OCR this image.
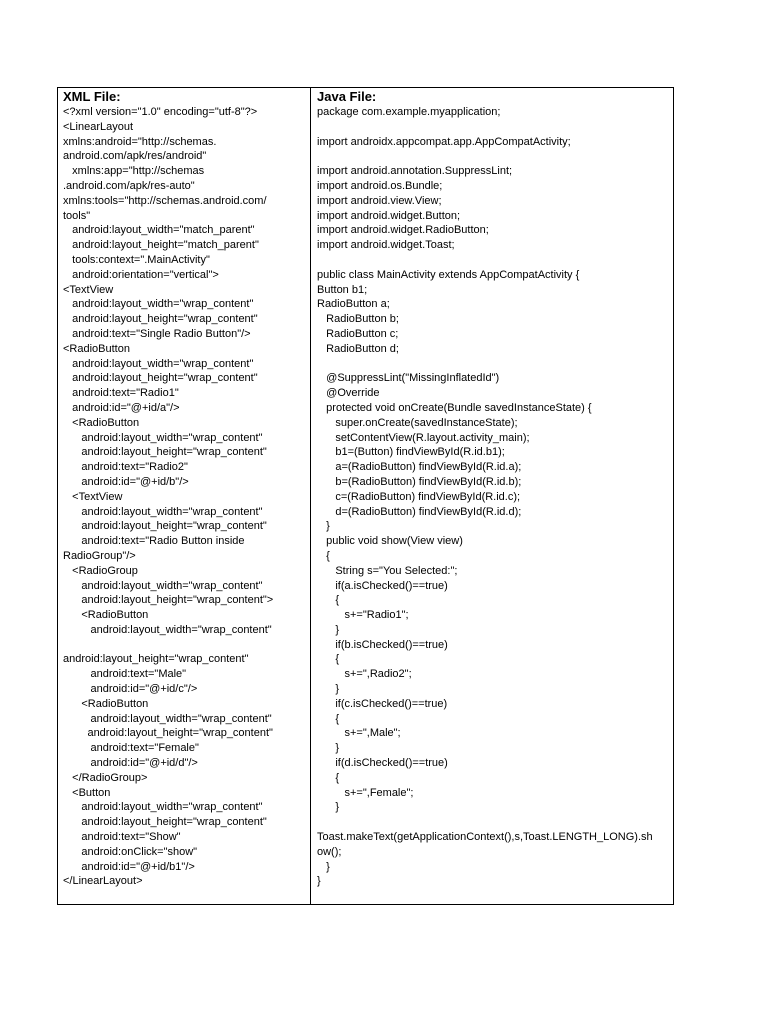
XML File:
<?xml version="1.0" encoding="utf-8"?>
<LinearLayout
xmlns:android="http://schemas.
android.com/apk/res/android"
xmlns:app="http://schemas
.android.com/apk/res-auto"
xmlns:tools="http://schemas.android.com/
tools"
android:layout_width="match_parent"
android:layout_height="match_parent"
tools:context=".MainActivity"
android:orientation="vertical">
<TextView
android:layout_width="wrap_content"
android:layout_height="wrap_content"
android:text="Single Radio Button"/>
<RadioButton
android:layout_width="wrap_content"
android:layout_height="wrap_content"
android:text="Radio1"
android:id="@+id/a"/>
<RadioButton
android:layout_width="wrap_content"
android:layout_height="wrap_content"
android:text="Radio2"
android:id="@+id/b"/>
<TextView
android:layout_width="wrap_content"
android:layout_height="wrap_content"
android:text="Radio Button inside
RadioGroup"/>
<RadioGroup
android:layout_width="wrap_content"
android:layout_height="wrap_content">
<RadioButton
android:layout_width="wrap_content"
android:layout_height="wrap_content"
android:text="Male"
android:id="@+id/c"/>
<RadioButton
android:layout_width="wrap_content"
android:layout_height="wrap_content"
android:text="Female"
android:id="@+id/d"/>
</RadioGroup>
<Button
android:layout_width="wrap_content"
android:layout_height="wrap_content"
android:text="Show"
android:onClick="show"
android:id="@+id/b1"/>
</LinearLayout>
Java File:
package com.example.myapplication;
import androidx.appcompat.app.AppCompatActivity;
import android.annotation.SuppressLint;
import android.os.Bundle;
import android.view.View;
import android.widget.Button;
import android.widget.RadioButton;
import android.widget.Toast;
public class MainActivity extends AppCompatActivity {
Button b1;
RadioButton a;
RadioButton b;
RadioButton c;
RadioButton d;
@SuppressLint("MissingInflatedId")
@Override
protected void onCreate(Bundle savedInstanceState) {
super.onCreate(savedInstanceState);
setContentView(R.layout.activity_main);
b1=(Button) findViewById(R.id.b1);
a=(RadioButton) findViewById(R.id.a);
b=(RadioButton) findViewById(R.id.b);
c=(RadioButton) findViewById(R.id.c);
d=(RadioButton) findViewById(R.id.d);
}
public void show(View view)
{
String s="You Selected:";
if(a.isChecked()==true)
{
s+="Radio1";
}
if(b.isChecked()==true)
{
s+=",Radio2";
}
if(c.isChecked()==true)
{
s+=",Male";
}
if(d.isChecked()==true)
{
s+=",Female";
}
Toast.makeText(getApplicationContext(),s,Toast.LENGTH_LONG).sh
ow();
}
}
